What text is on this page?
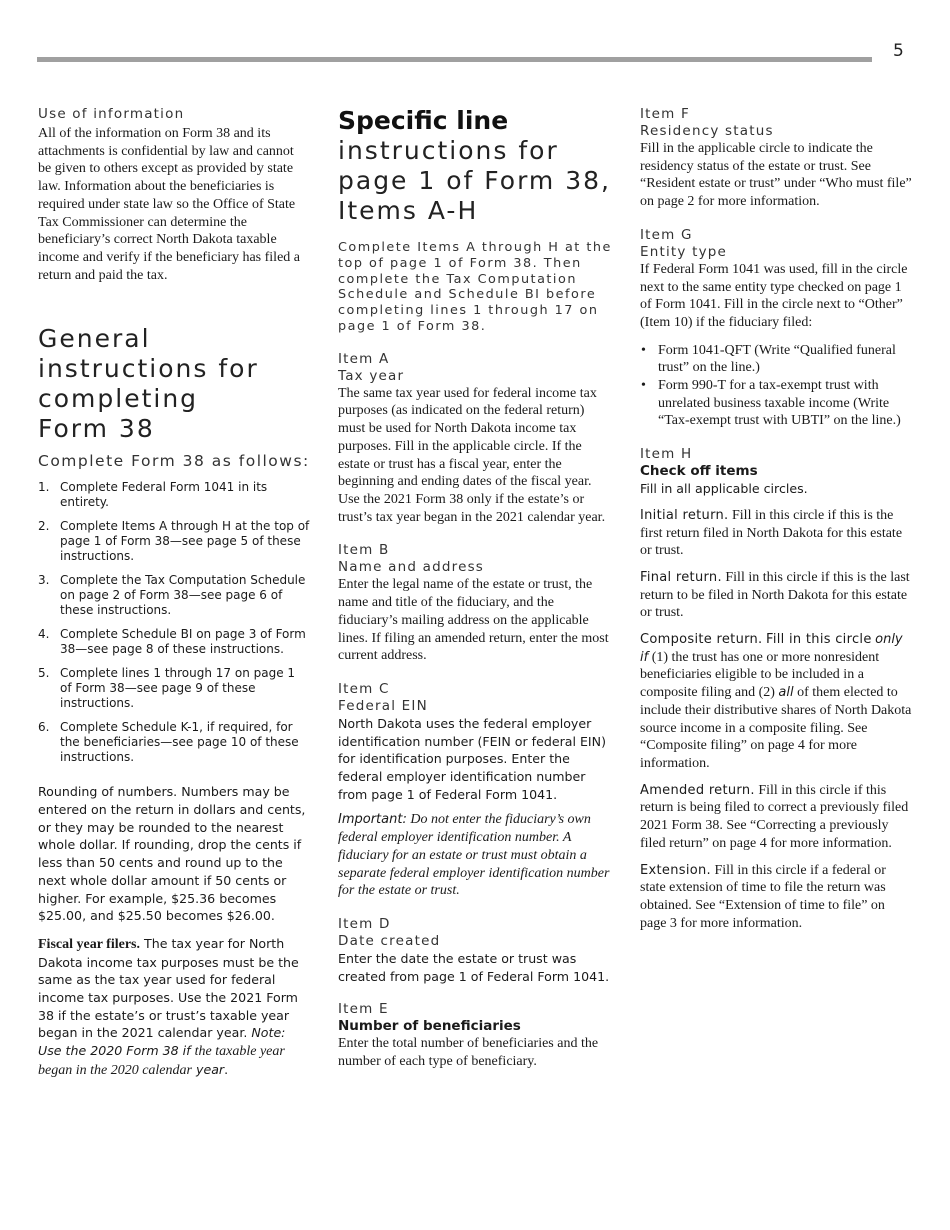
5

Use of information

All of the information on Form 38 and its attachments is confidential by law and cannot be given to others except as provided by state law. Information about the beneficiaries is required under state law so the Office of State Tax Commissioner can determine the beneficiary’s correct North Dakota taxable income and verify if the beneficiary has filed a return and paid the tax.

General

instructions for

completing

Form 38

Complete Form 38 as follows:

1. Complete Federal Form 1041 in its entirety.
2. Complete Items A through H at the top of page 1 of Form 38—see page 5 of these instructions.
3. Complete the Tax Computation Schedule on page 2 of Form 38—see page 6 of these instructions.
4. Complete Schedule BI on page 3 of Form 38—see page 8 of these instructions.
5. Complete lines 1 through 17 on page 1 of Form 38—see page 9 of these instructions.
6. Complete Schedule K-1, if required, for the beneficiaries—see page 10 of these instructions.

Rounding of numbers. Numbers may be entered on the return in dollars and cents, or they may be rounded to the nearest whole dollar. If rounding, drop the cents if less than 50 cents and round up to the next whole dollar amount if 50 cents or higher. For example, $25.36 becomes $25.00, and $25.50 becomes $26.00.

Fiscal year filers. The tax year for North Dakota income tax purposes must be the same as the tax year used for federal income tax purposes. Use the 2021 Form 38 if the estate’s or trust’s taxable year began in the 2021 calendar year. Note: Use the 2020 Form 38 if the taxable year began in the 2020 calendar year.

Specific line

instructions for

page 1 of Form 38,

Items A-H

Complete Items A through H at the top of page 1 of Form 38. Then complete the Tax Computation Schedule and Schedule BI before completing lines 1 through 17 on page 1 of Form 38.

Item A

Tax year

The same tax year used for federal income tax purposes (as indicated on the federal return) must be used for North Dakota income tax purposes. Fill in the applicable circle. If the estate or trust has a fiscal year, enter the beginning and ending dates of the fiscal year. Use the 2021 Form 38 only if the estate’s or trust’s tax year began in the 2021 calendar year.

Item B

Name and address

Enter the legal name of the estate or trust, the name and title of the fiduciary, and the fiduciary’s mailing address on the applicable lines. If filing an amended return, enter the most current address.

Item C

Federal EIN

North Dakota uses the federal employer identification number (FEIN or federal EIN) for identification purposes. Enter the federal employer identification number from page 1 of Federal Form 1041.

Important: Do not enter the fiduciary’s own federal employer identification number. A fiduciary for an estate or trust must obtain a separate federal employer identification number for the estate or trust.

Item D

Date created

Enter the date the estate or trust was created from page 1 of Federal Form 1041.

Item E

Number of beneficiaries

Enter the total number of beneficiaries and the number of each type of beneficiary.

Item F

Residency status

Fill in the applicable circle to indicate the residency status of the estate or trust. See “Resident estate or trust” under “Who must file” on page 2 for more information.

Item G

Entity type

If Federal Form 1041 was used, fill in the circle next to the same entity type checked on page 1 of Form 1041. Fill in the circle next to “Other” (Item 10) if the fiduciary filed:

• Form 1041-QFT (Write “Qualified funeral trust” on the line.)
• Form 990-T for a tax-exempt trust with unrelated business taxable income (Write “Tax-exempt trust with UBTI” on the line.)

Item H

Check off items

Fill in all applicable circles.

Initial return. Fill in this circle if this is the first return filed in North Dakota for this estate or trust.

Final return. Fill in this circle if this is the last return to be filed in North Dakota for this estate or trust.

Composite return. Fill in this circle only if (1) the trust has one or more nonresident beneficiaries eligible to be included in a composite filing and (2) all of them elected to include their distributive shares of North Dakota source income in a composite filing. See “Composite filing” on page 4 for more information.

Amended return. Fill in this circle if this return is being filed to correct a previously filed 2021 Form 38. See “Correcting a previously filed return” on page 4 for more information.

Extension. Fill in this circle if a federal or state extension of time to file the return was obtained. See “Extension of time to file” on page 3 for more information.
